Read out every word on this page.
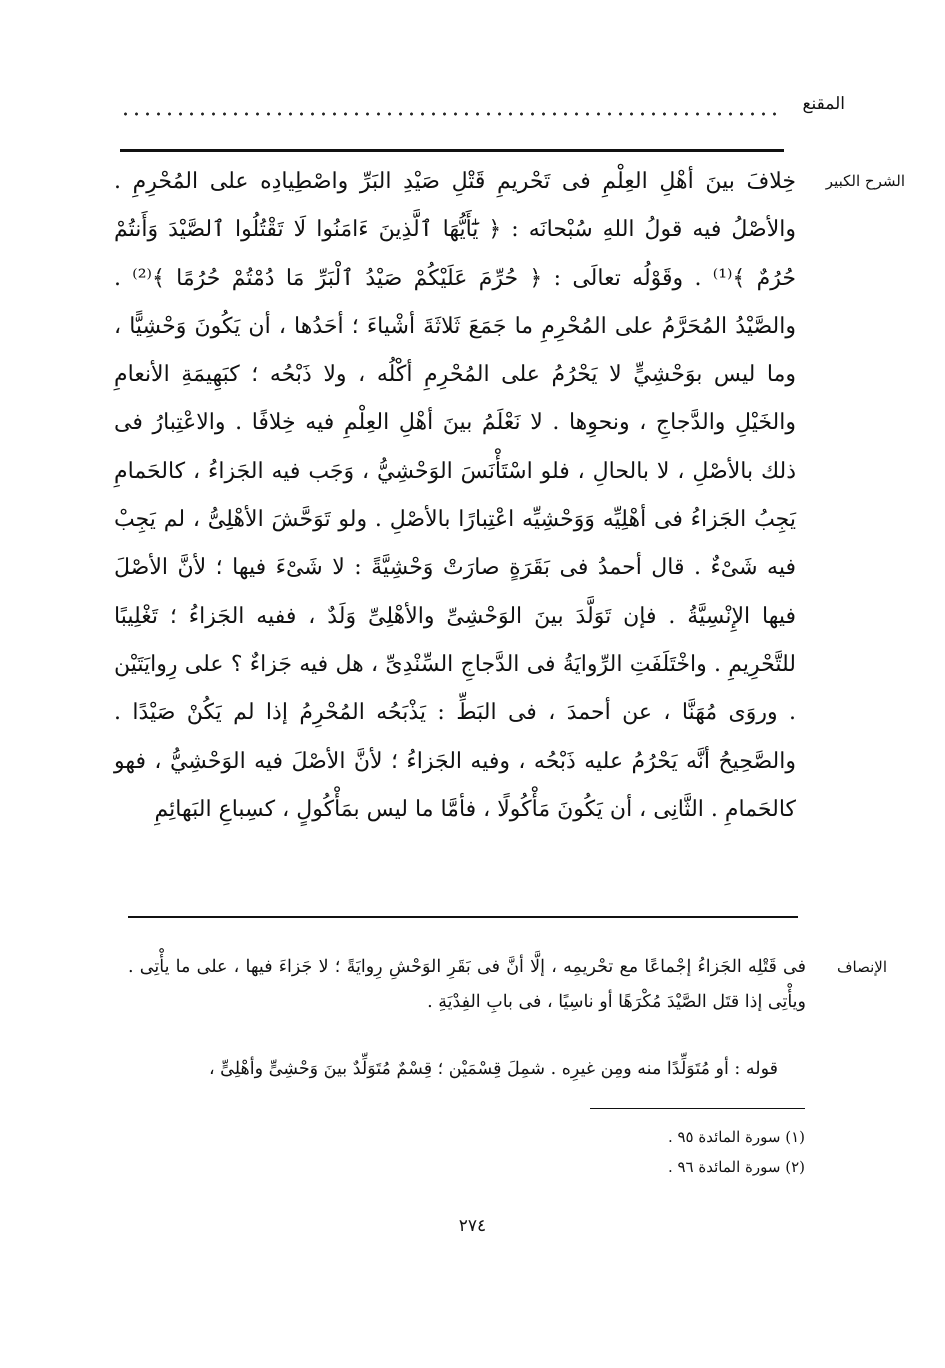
المقنع
الشرح الكبير

خِلافَ بينَ أهْلِ العِلْمِ فى تَحْريمِ قَتْلِ صَيْدِ البَرِّ واصْطِيادِه على المُحْرِمِ . والأصْلُ فيه قولُ اللهِ سُبْحانَه : ﴿ يَٰٓأَيُّهَا ٱلَّذِينَ ءَامَنُوا لَا تَقْتُلُوا ٱلصَّيْدَ وَأَنتُمْ حُرُمٌ ﴾⁽¹⁾ . وقَوْلُه تعالَى : ﴿ حُرِّمَ عَلَيْكُمْ صَيْدُ ٱلْبَرِّ مَا دُمْتُمْ حُرُمًا ﴾⁽²⁾ . والصَّيْدُ المُحَرَّمُ على المُحْرِمِ ما جَمَعَ ثَلاثَةَ أشْياءَ ؛ أحَدُها ، أن يَكُونَ وَحْشِيًّا ، وما ليس بوَحْشِيٍّ لا يَحْرُمُ على المُحْرِمِ أكْلُه ، ولا ذَبْحُه ؛ كبَهِيمَةِ الأنعامِ والخَيْلِ والدَّجاجِ ، ونحوِها . لا نَعْلَمُ بينَ أهْلِ العِلْمِ فيه خِلافًا . والاعْتِبارُ فى ذلك بالأصْلِ ، لا بالحالِ ، فلو اسْتَأْنَسَ الوَحْشِيُّ ، وَجَب فيه الجَزاءُ ، كالحَمامِ يَجِبُ الجَزاءُ فى أهْلِيِّه وَوَحْشِيِّه اعْتِبارًا بالأصْلِ . ولو تَوَحَّشَ الأهْلِىُّ ، لم يَجِبْ فيه شَىْءٌ . قال أحمدُ فى بَقَرَةٍ صارَتْ وَحْشِيَّةً : لا شَىْءَ فيها ؛ لأنَّ الأصْلَ فيها الإِنْسِيَّةُ . فإن تَوَلَّدَ بينَ الوَحْشِىِّ والأهْلِىِّ وَلَدٌ ، ففيه الجَزاءُ ؛ تَغْلِيبًا للتَّحْرِيمِ . واخْتَلَفَتِ الرِّوايَةُ فى الدَّجاجِ السِّنْدِىِّ ، هل فيه جَزاءٌ ؟ على رِوايَتَيْن . وروَى مُهَنَّا ، عن أحمدَ ، فى البَطِّ : يَذْبَحُه المُحْرِمُ إذا لم يَكُنْ صَيْدًا . والصَّحِيحُ أنَّه يَحْرُمُ عليه ذَبْحُه ، وفيه الجَزاءُ ؛ لأنَّ الأصْلَ فيه الوَحْشِيُّ ، فهو كالحَمامِ . الثَّانِى ، أن يَكُونَ مَأْكُولًا ، فأمَّا ما ليس بمَأْكُولٍ ، كسِباعِ البَهائِمِ

الإنصاف

فى قَتْلِه الجَزاءُ إجْماعًا مع تحْريمِه ، إلَّا أنَّ فى بَقَرِ الوَحْشِ رِوايَةً ؛ لا جَزاءَ فيها ، على ما يأْتِى . ويأْتِى إذا قتَل الصَّيْدَ مُكْرَهًا أو ناسِيًا ، فى بابِ الفِدْيَةِ .

قوله : أو مُتَوَلِّدًا منه ومِن غيرِه . شمِلَ قِسْمَيْن ؛ قِسْمٌ مُتَوَلِّدٌ بينَ وَحْشِىٍّ وأهْلِىٍّ ،

(١) سورة المائدة ٩٥ .

(٢) سورة المائدة ٩٦ .

٢٧٤
